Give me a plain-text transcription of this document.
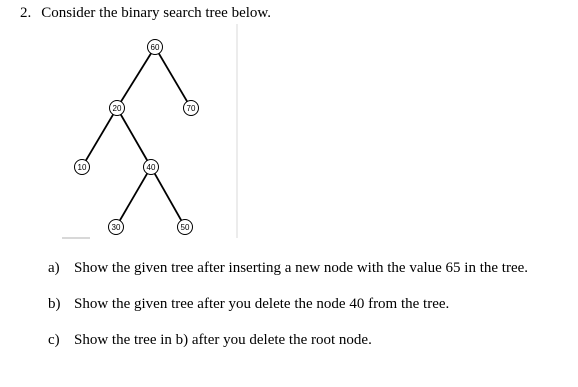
2. Consider the binary search tree below.
60
20	70
10	40
30	50
a) Show the given tree after inserting a new node with the value 65 in the tree.
b) Show the given tree after you delete the node 40 from the tree.
c) Show the tree in b) after you delete the root node.
